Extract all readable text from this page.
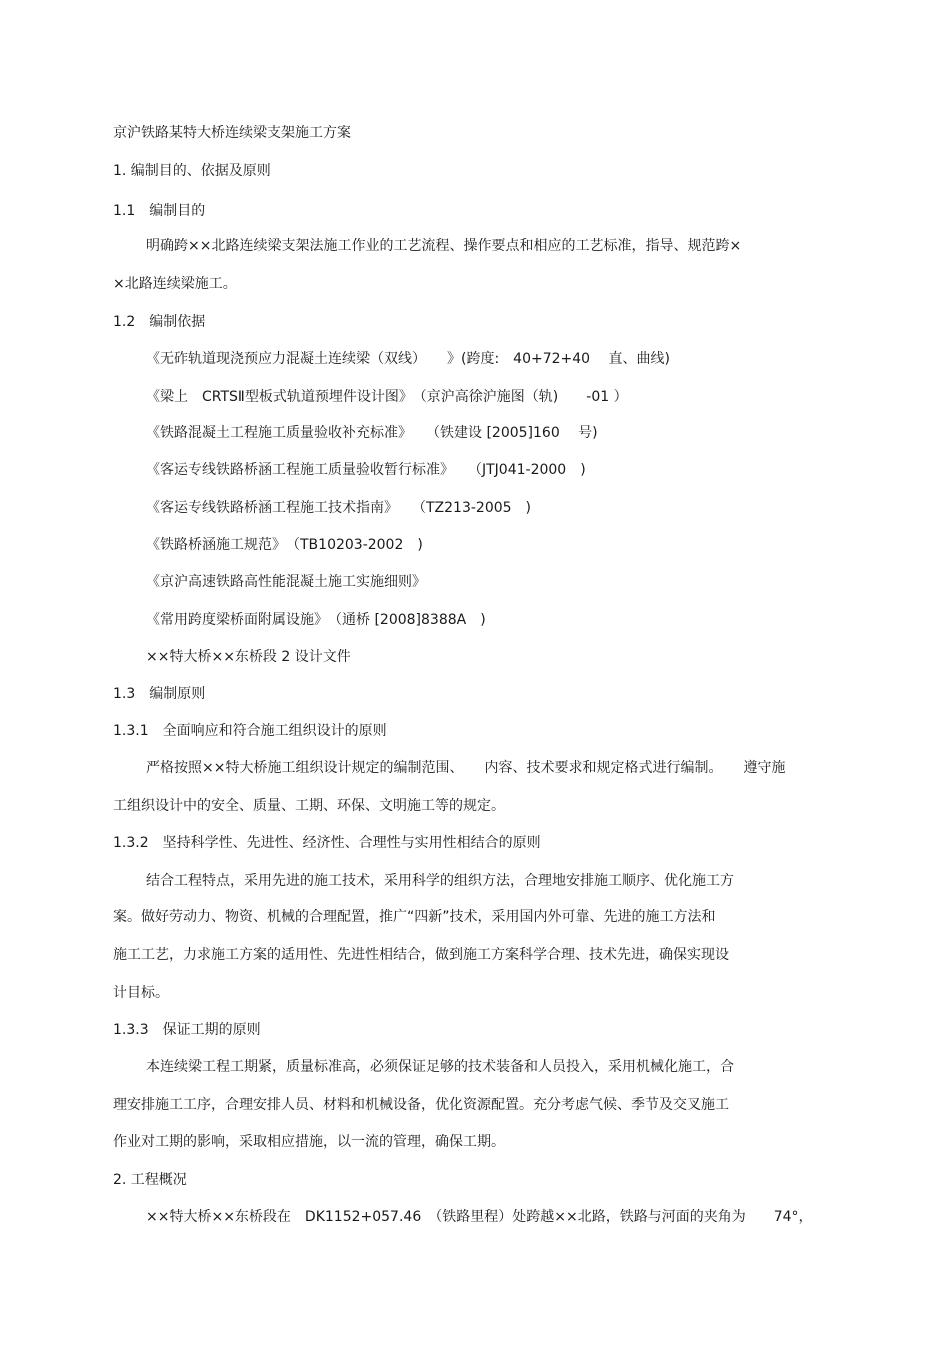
京沪铁路某特大桥连续梁支架施工方案
1. 编制目的、依据及原则
1.1　编制目的
明确跨××北路连续梁支架法施工作业的工艺流程、操作要点和相应的工艺标准，指导、规范跨×
×北路连续梁施工。
1.2　编制依据
《无砟轨道现浇预应力混凝土连续梁（双线）　　》(跨度:　40+72+40　 直、曲线)
《梁上　CRTSⅡ型板式轨道预埋件设计图》　（京沪高徐沪施图（轨)　　-01 ）
《铁路混凝土工程施工质量验收补充标准》　　（铁建设 [2005]160　 号)
《客运专线铁路桥涵工程施工质量验收暂行标准》　　（JTJ041-2000　)
《客运专线铁路桥涵工程施工技术指南》　　（TZ213-2005　)
《铁路桥涵施工规范》　（TB10203-2002　)
《京沪高速铁路高性能混凝土施工实施细则》
《常用跨度梁桥面附属设施》　（通桥 [2008]8388A　)
××特大桥××东桥段 2 设计文件
1.3　编制原则
1.3.1　全面响应和符合施工组织设计的原则
严格按照××特大桥施工组织设计规定的编制范围、　　内容、技术要求和规定格式进行编制。　　遵守施
工组织设计中的安全、质量、工期、环保、文明施工等的规定。
1.3.2　坚持科学性、先进性、经济性、合理性与实用性相结合的原则
结合工程特点，采用先进的施工技术，采用科学的组织方法，合理地安排施工顺序、优化施工方
案。做好劳动力、物资、机械的合理配置，推广“四新”技术，采用国内外可靠、先进的施工方法和
施工工艺，力求施工方案的适用性、先进性相结合，做到施工方案科学合理、技术先进，确保实现设
计目标。
1.3.3　保证工期的原则
本连续梁工程工期紧，质量标准高，必须保证足够的技术装备和人员投入，采用机械化施工，合
理安排施工工序，合理安排人员、材料和机械设备，优化资源配置。充分考虑气候、季节及交叉施工
作业对工期的影响，采取相应措施，以一流的管理，确保工期。
2. 工程概况
××特大桥××东桥段在　DK1152+057.46　（铁路里程）处跨越××北路，铁路与河面的夹角为　　74°，
